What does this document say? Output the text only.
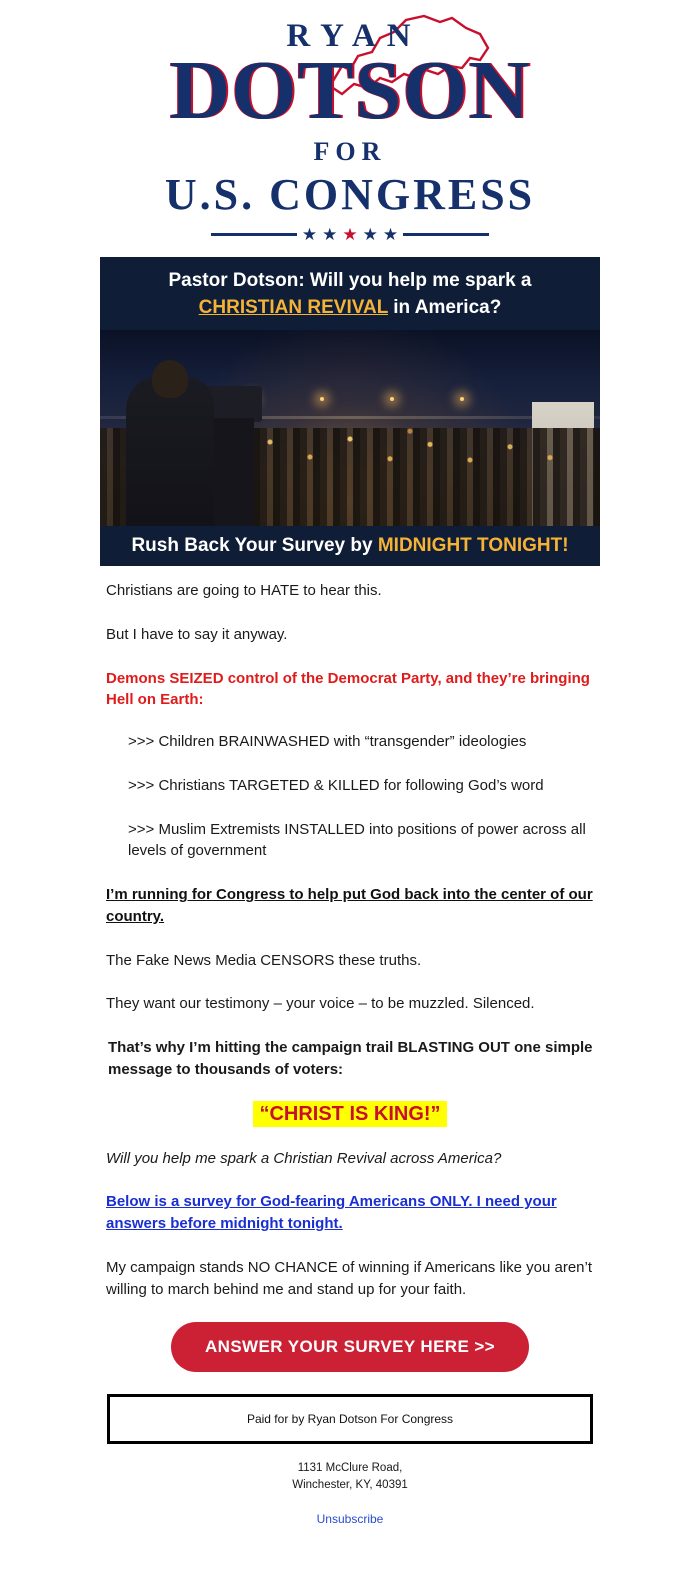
RYAN
DOTSON
FOR
U.S. CONGRESS
★ ★ ★ ★ ★
Pastor Dotson: Will you help me spark a
CHRISTIAN REVIVAL in America?
Rush Back Your Survey by MIDNIGHT TONIGHT!

Christians are going to HATE to hear this.

But I have to say it anyway.

Demons SEIZED control of the Democrat Party, and they’re bringing Hell on Earth:

>>> Children BRAINWASHED with “transgender” ideologies

>>> Christians TARGETED & KILLED for following God’s word

>>> Muslim Extremists INSTALLED into positions of power across all levels of government

I’m running for Congress to help put God back into the center of our country.

The Fake News Media CENSORS these truths.

They want our testimony – your voice – to be muzzled. Silenced.

That’s why I’m hitting the campaign trail BLASTING OUT one simple message to thousands of voters:

“CHRIST IS KING!”

Will you help me spark a Christian Revival across America?

Below is a survey for God-fearing Americans ONLY. I need your answers before midnight tonight.

My campaign stands NO CHANCE of winning if Americans like you aren’t willing to march behind me and stand up for your faith.

ANSWER YOUR SURVEY HERE >>
Paid for by Ryan Dotson For Congress
1131 McClure Road,
Winchester, KY, 40391
Unsubscribe
